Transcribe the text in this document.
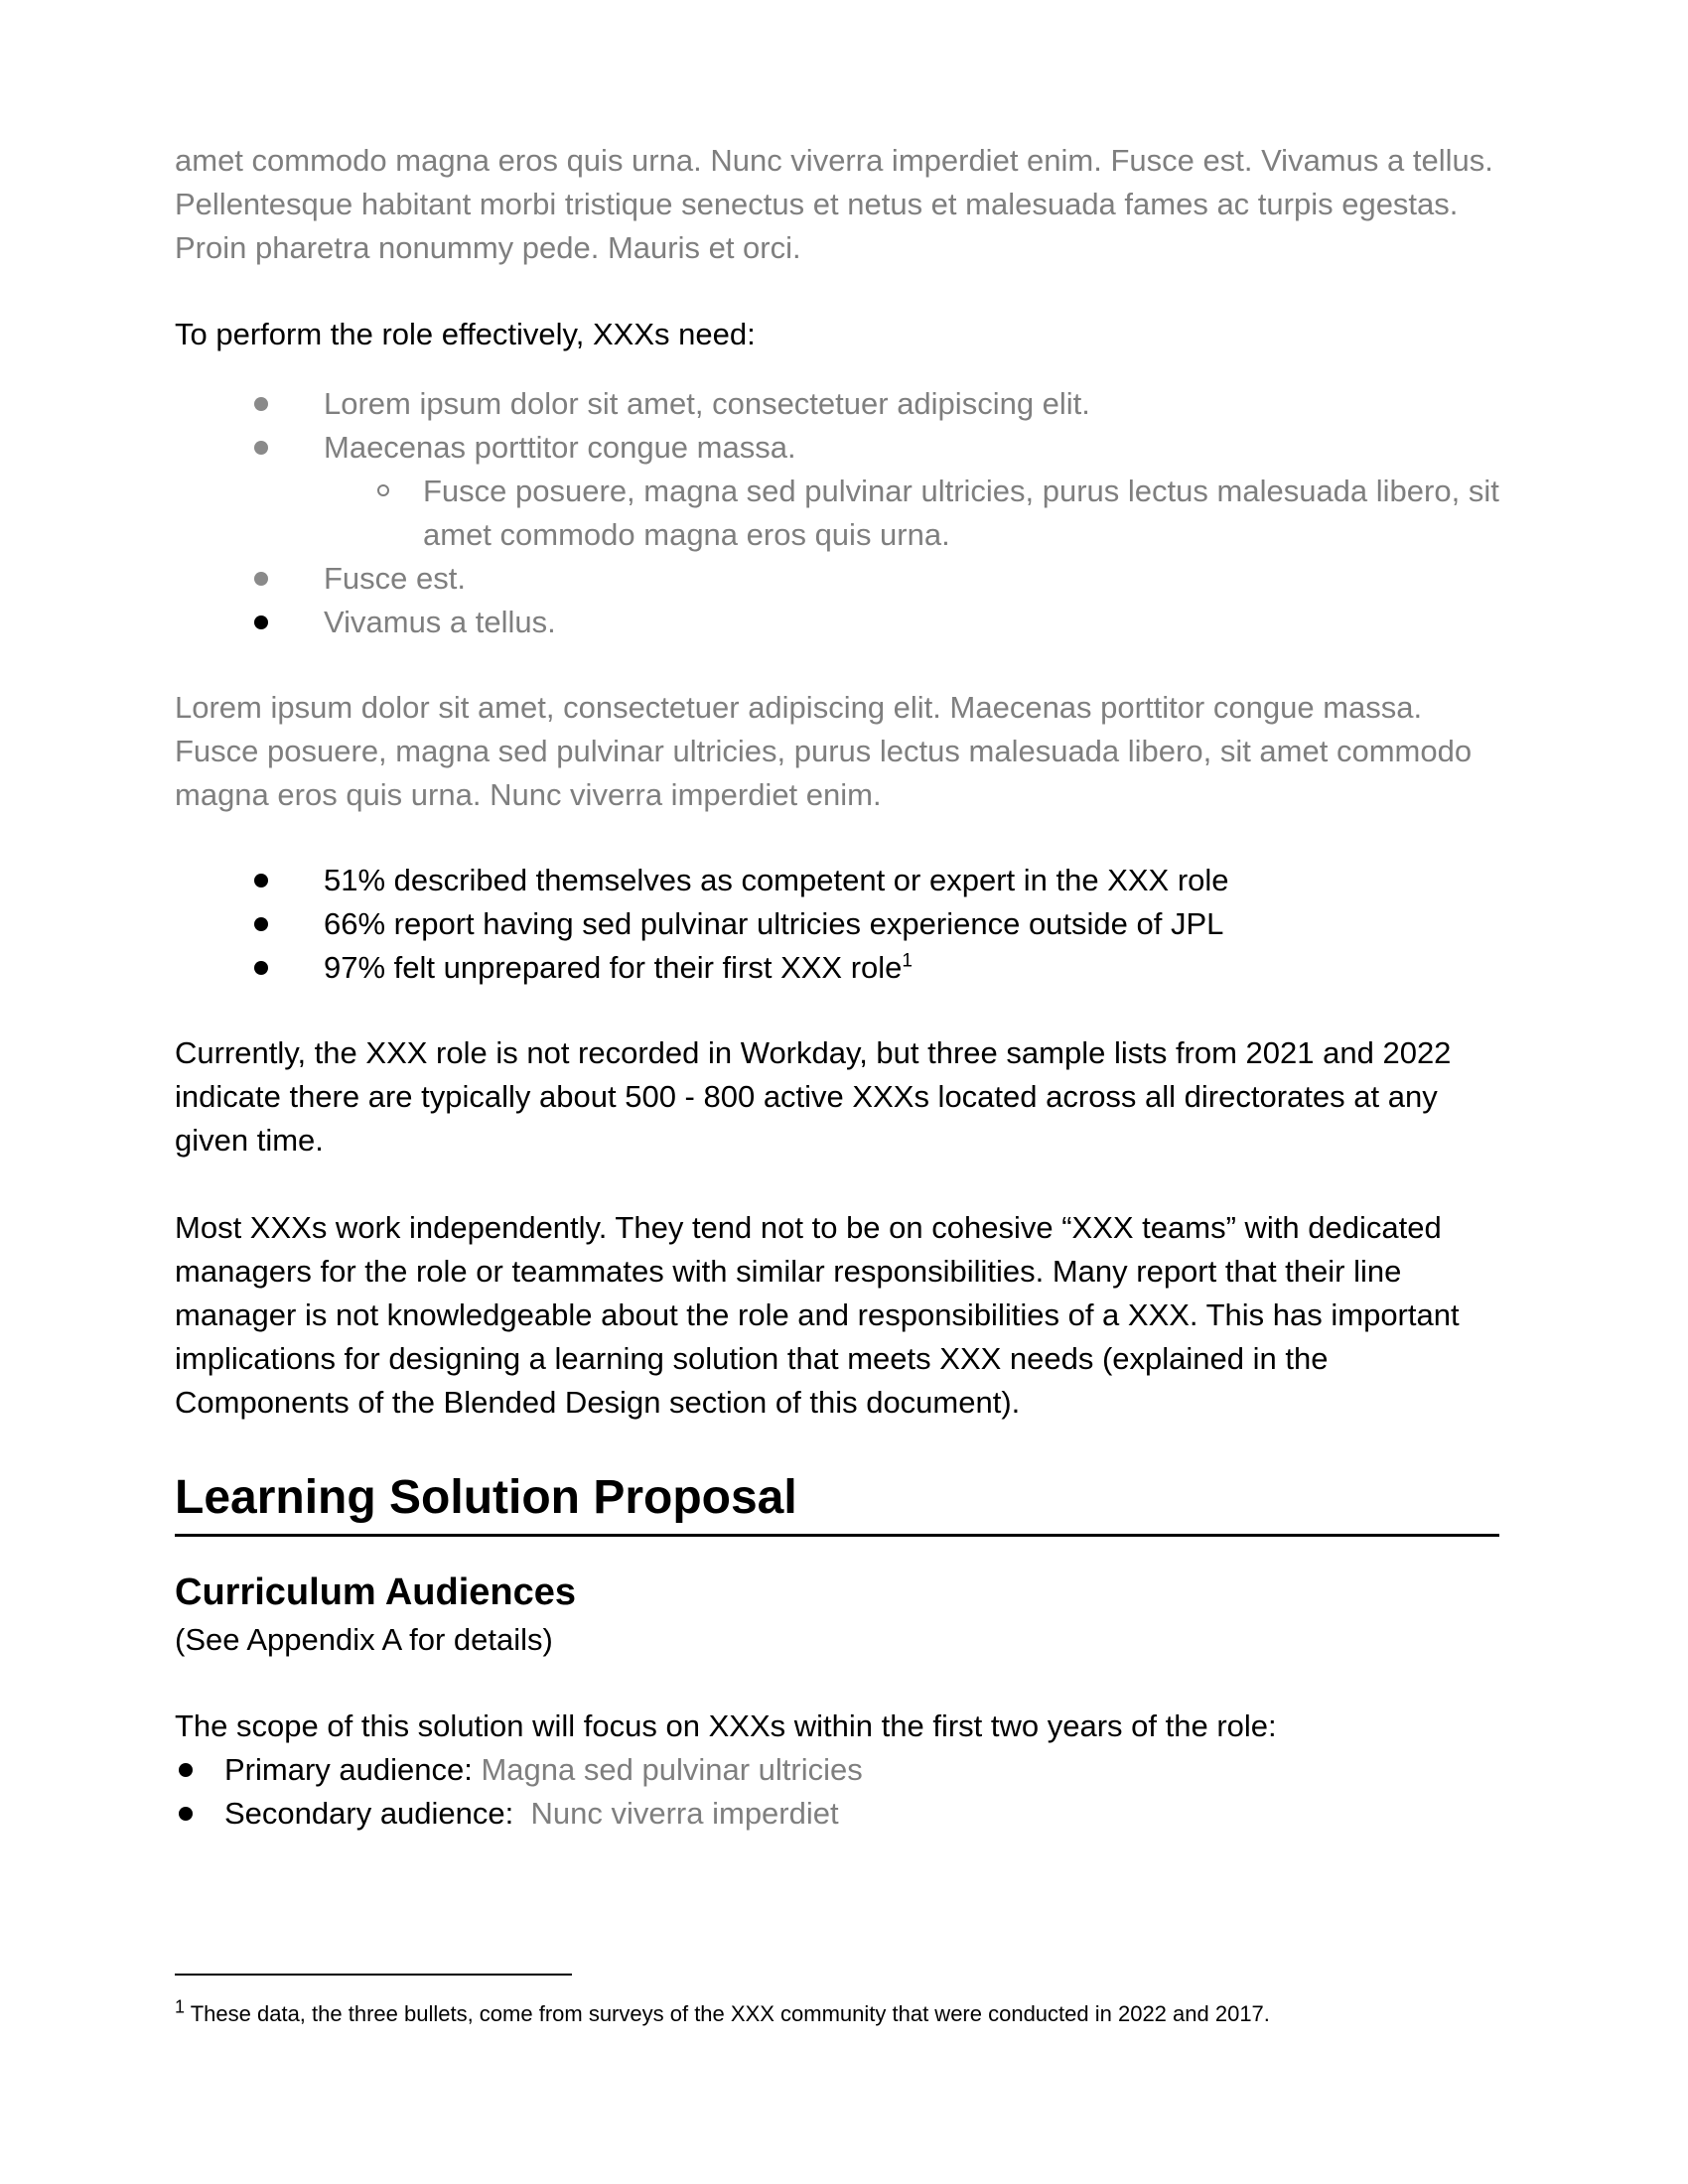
amet commodo magna eros quis urna. Nunc viverra imperdiet enim. Fusce est. Vivamus a tellus. Pellentesque habitant morbi tristique senectus et netus et malesuada fames ac turpis egestas. Proin pharetra nonummy pede. Mauris et orci.

To perform the role effectively, XXXs need:

Lorem ipsum dolor sit amet, consectetuer adipiscing elit.
Maecenas porttitor congue massa.
Fusce posuere, magna sed pulvinar ultricies, purus lectus malesuada libero, sit amet commodo magna eros quis urna.
Fusce est.
Vivamus a tellus.

Lorem ipsum dolor sit amet, consectetuer adipiscing elit. Maecenas porttitor congue massa. Fusce posuere, magna sed pulvinar ultricies, purus lectus malesuada libero, sit amet commodo magna eros quis urna. Nunc viverra imperdiet enim.

51% described themselves as competent or expert in the XXX role
66% report having sed pulvinar ultricies experience outside of JPL
97% felt unprepared for their first XXX role$^1$

Currently, the XXX role is not recorded in Workday, but three sample lists from 2021 and 2022 indicate there are typically about 500 - 800 active XXXs located across all directorates at any given time.

Most XXXs work independently. They tend not to be on cohesive “XXX teams” with dedicated managers for the role or teammates with similar responsibilities. Many report that their line manager is not knowledgeable about the role and responsibilities of a XXX. This has important implications for designing a learning solution that meets XXX needs (explained in the Components of the Blended Design section of this document).

Learning Solution Proposal
Curriculum Audiences

(See Appendix A for details)

The scope of this solution will focus on XXXs within the first two years of the role:

Primary audience: Magna sed pulvinar ultricies
Secondary audience: Nunc viverra imperdiet
$^1$ These data, the three bullets, come from surveys of the XXX community that were conducted in 2022 and 2017.
